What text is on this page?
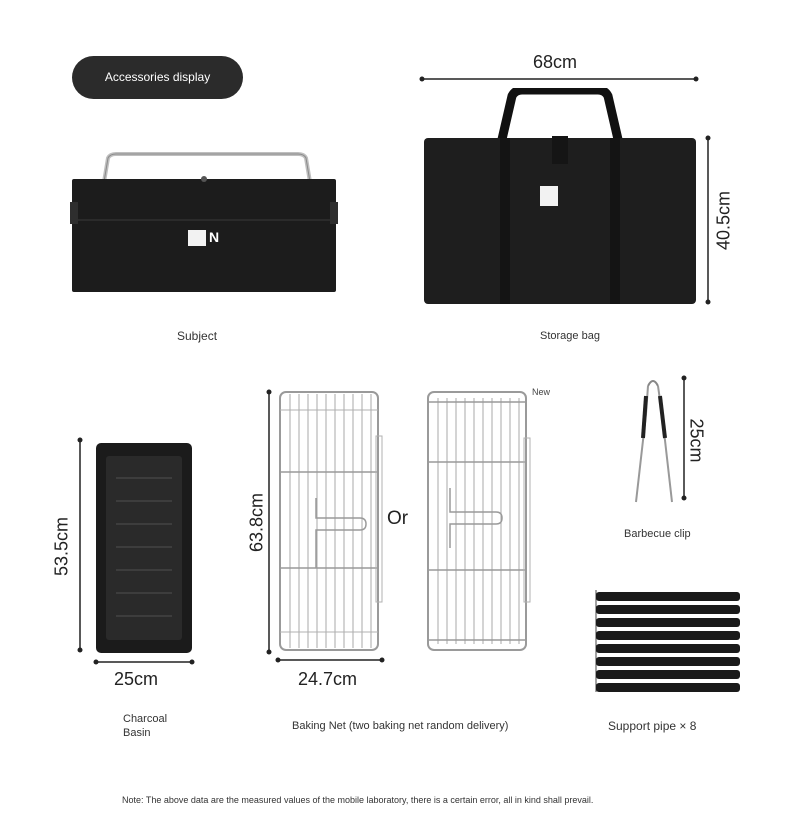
Accessories display
N
Subject
68cm
40.5cm
Storage bag
53.5cm
25cm
Charcoal
Basin
63.8cm
24.7cm
Or
New
Baking Net (two baking net random delivery)
25cm
Barbecue clip
Support pipe × 8
Note: The above data are the measured values of the mobile laboratory, there is a certain error, all in kind shall prevail.
